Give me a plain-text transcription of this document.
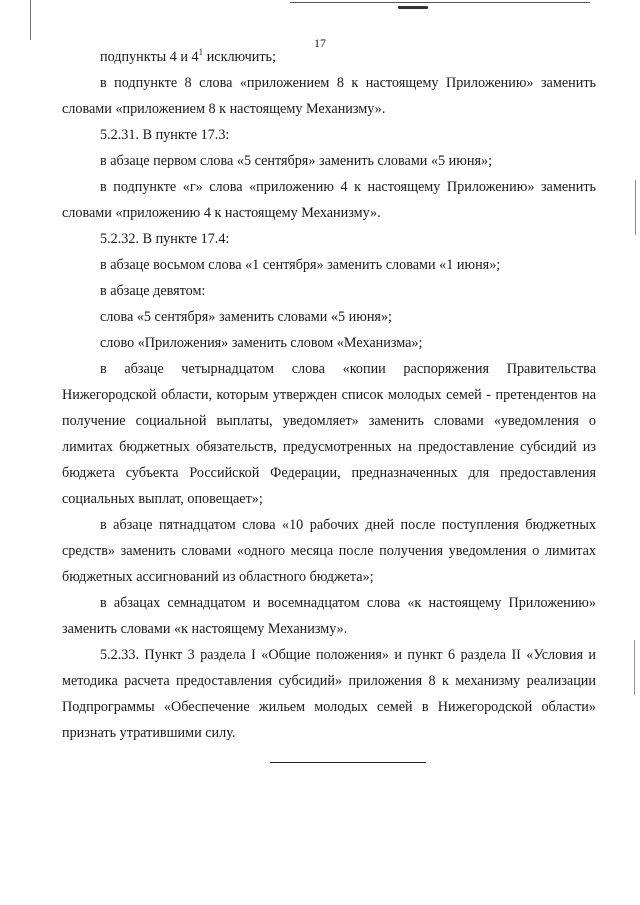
17

подпункты 4 и $4^1$ исключить;

в подпункте 8 слова «приложением 8 к настоящему Приложению» заменить словами «приложением 8 к настоящему Механизму».

5.2.31. В пункте 17.3:

в абзаце первом слова «5 сентября» заменить словами «5 июня»;

в подпункте «г» слова «приложению 4 к настоящему Приложению» заменить словами «приложению 4 к настоящему Механизму».

5.2.32. В пункте 17.4:

в абзаце восьмом слова «1 сентября» заменить словами «1 июня»;

в абзаце девятом:

слова «5 сентября» заменить словами «5 июня»;

слово «Приложения» заменить словом «Механизма»;

в абзаце четырнадцатом слова «копии распоряжения Правительства Нижегородской области, которым утвержден список молодых семей - претендентов на получение социальной выплаты, уведомляет» заменить словами «уведомления о лимитах бюджетных обязательств, предусмотренных на предоставление субсидий из бюджета субъекта Российской Федерации, предназначенных для предоставления социальных выплат, оповещает»;

в абзаце пятнадцатом слова «10 рабочих дней после поступления бюджетных средств» заменить словами «одного месяца после получения уведомления о лимитах бюджетных ассигнований из областного бюджета»;

в абзацах семнадцатом и восемнадцатом слова «к настоящему Приложению» заменить словами «к настоящему Механизму».

5.2.33. Пункт 3 раздела I «Общие положения» и пункт 6 раздела II «Условия и методика расчета предоставления субсидий» приложения 8 к механизму реализации Подпрограммы «Обеспечение жильем молодых семей в Нижегородской области» признать утратившими силу.
